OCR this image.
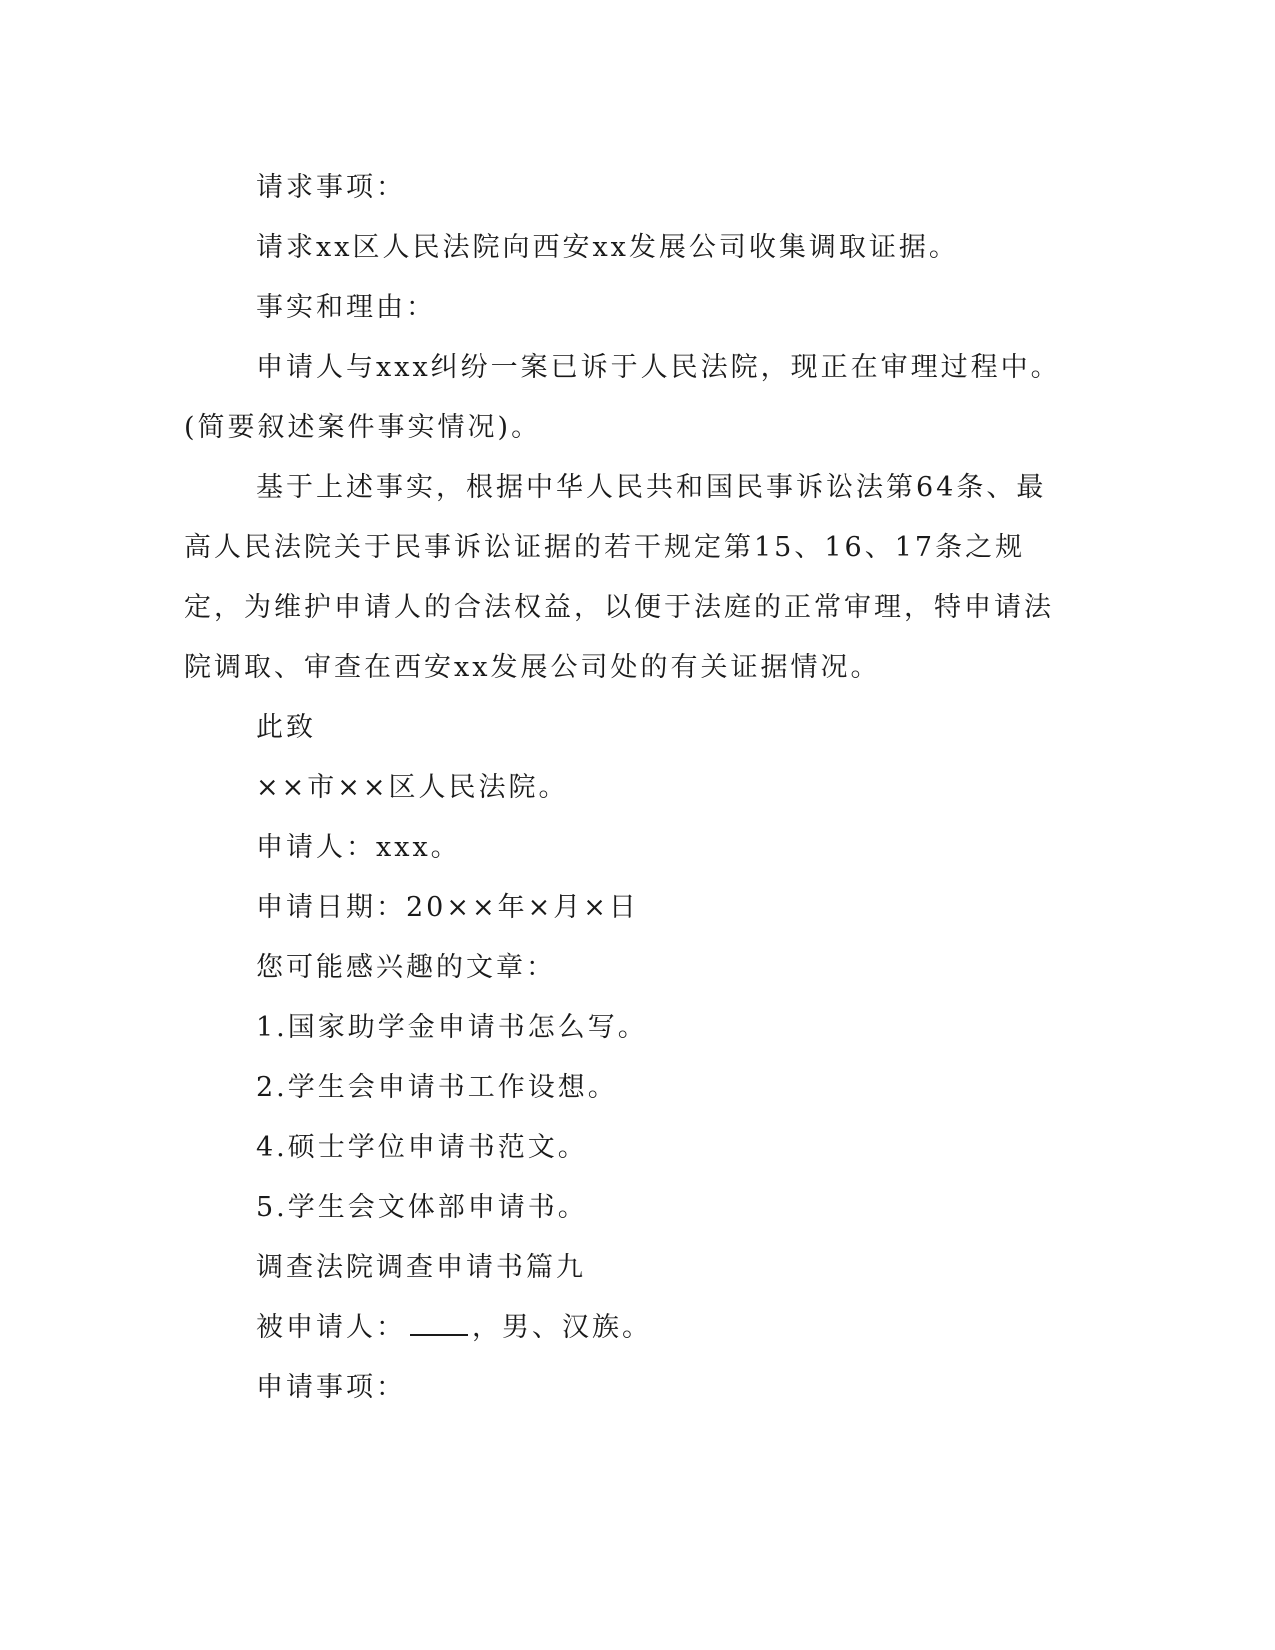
请求事项：

请求xx区人民法院向西安xx发展公司收集调取证据。

事实和理由：

申请人与xxx纠纷一案已诉于人民法院，现正在审理过程中。(简要叙述案件事实情况)。

基于上述事实，根据中华人民共和国民事诉讼法第64条、最高人民法院关于民事诉讼证据的若干规定第15、16、17条之规定，为维护申请人的合法权益，以便于法庭的正常审理，特申请法院调取、审查在西安xx发展公司处的有关证据情况。

此致

××市××区人民法院。

申请人：xxx。

申请日期：20××年×月×日

您可能感兴趣的文章：

1.国家助学金申请书怎么写。

2.学生会申请书工作设想。

4.硕士学位申请书范文。

5.学生会文体部申请书。

调查法院调查申请书篇九

被申请人： ，男、汉族。

申请事项：
